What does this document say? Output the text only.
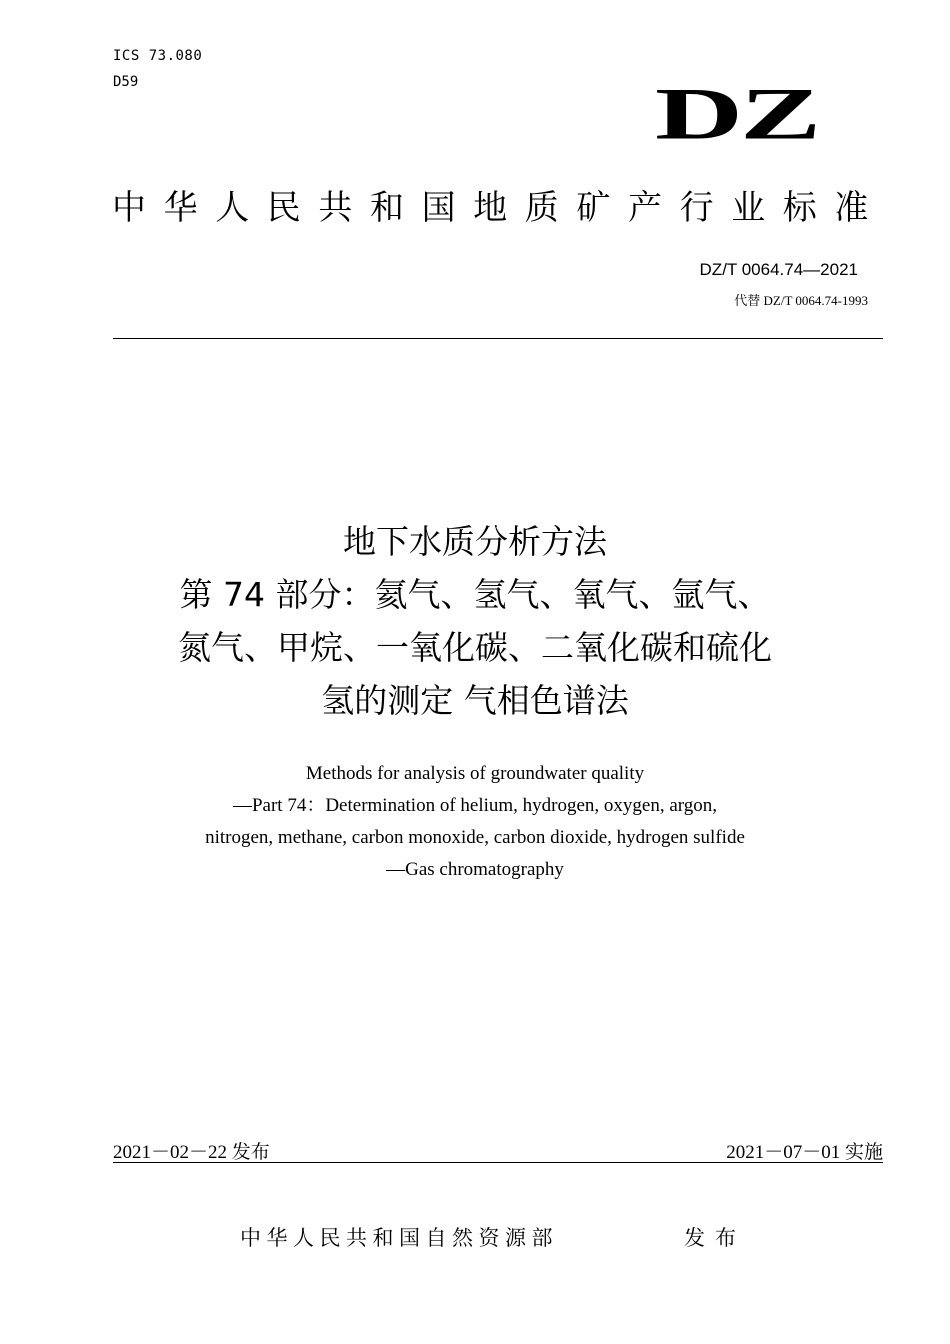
ICS 73.080
D59	DZ
中华人民共和国地质矿产行业标准
DZ/T 0064.74—2021
代替 DZ/T 0064.74-1993
地下水质分析方法
第 74 部分：氦气、氢气、氧气、氩气、
氮气、甲烷、一氧化碳、二氧化碳和硫化
氢的测定 气相色谱法
Methods for analysis of groundwater quality
—Part 74：Determination of helium, hydrogen, oxygen, argon,
nitrogen, methane, carbon monoxide, carbon dioxide, hydrogen sulfide
—Gas chromatography
2021－02－22 发布	2021－07－01 实施
中华人民共和国自然资源部	发布
